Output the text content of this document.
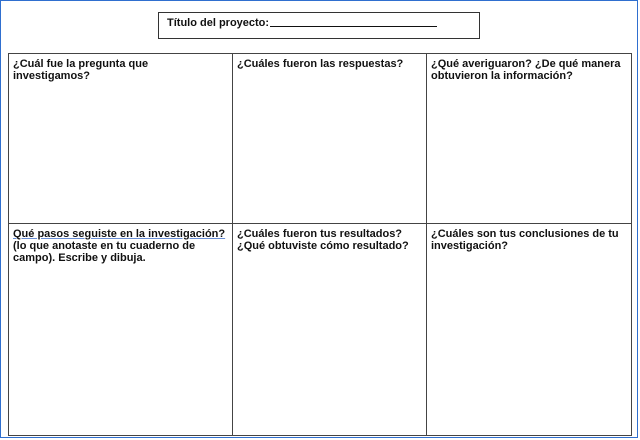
Título del proyecto:
¿Cuál fue la pregunta que investigamos?
¿Cuáles fueron las respuestas?	¿Qué averiguaron? ¿De qué manera obtuvieron la información?
Qué pasos seguiste en la investigación?
(lo que anotaste en tu cuaderno de campo). Escribe y dibuja.
¿Cuáles fueron tus resultados?
¿Qué obtuviste cómo resultado?
¿Cuáles son tus conclusiones de tu investigación?
